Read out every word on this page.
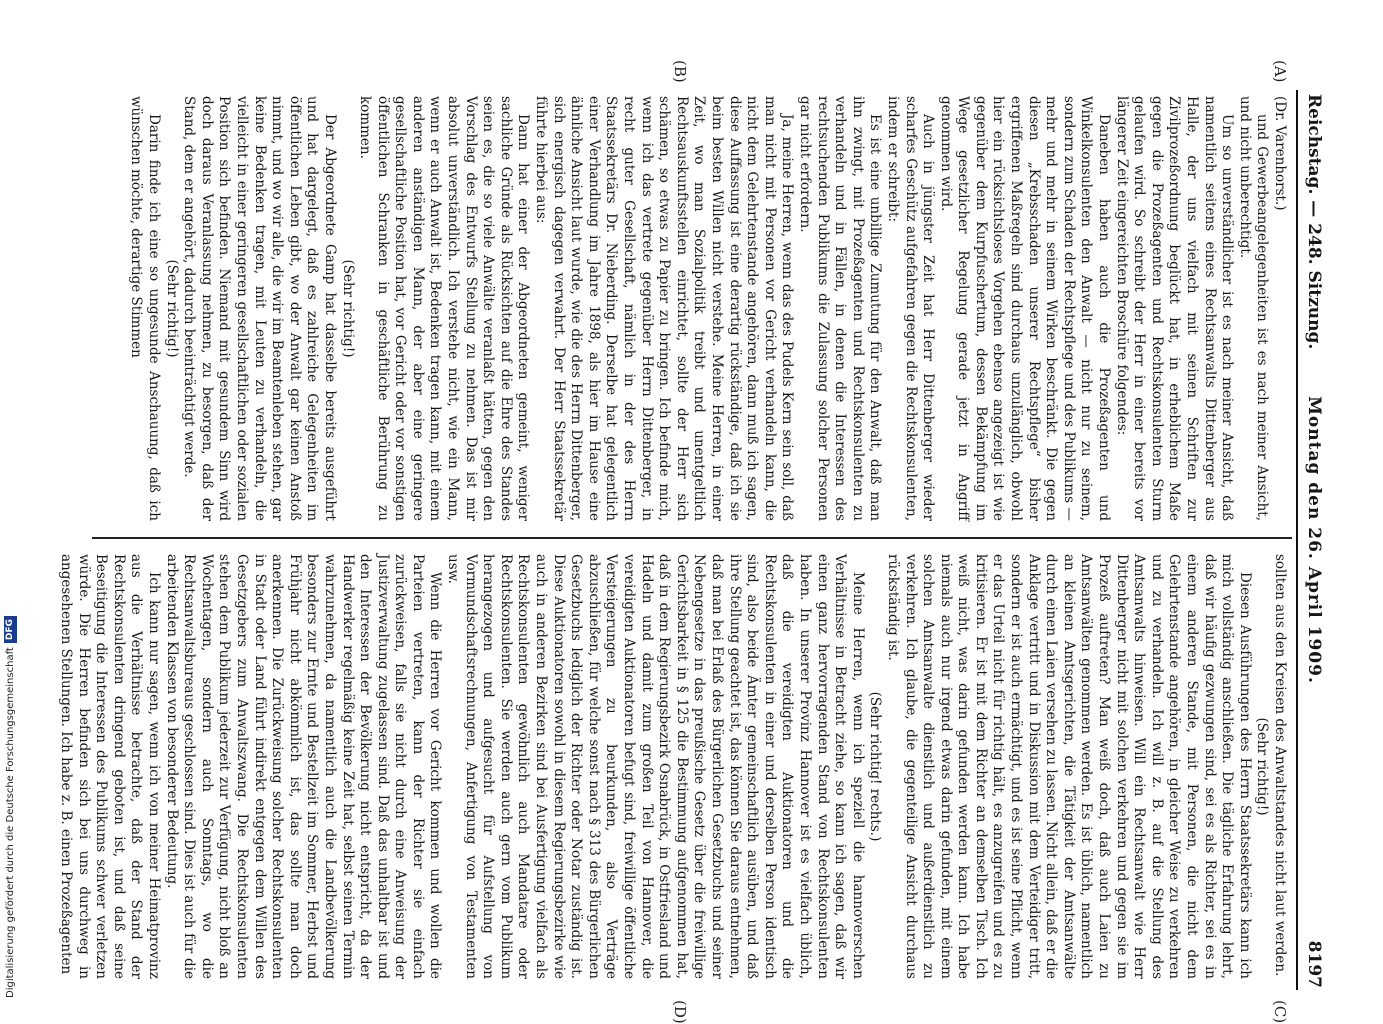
Reichstag. — 248. Sitzung.
Montag den 26. April 1909.
8197
(A)
(B)
(C)
(D)

(Dr. Varenhorst.)

und Gewerbeangelegenheiten ist es nach meiner Ansicht, und nicht unberechtigt.

Um so unverständlicher ist es nach meiner Ansicht, daß namentlich seitens eines Rechtsanwalts Dittenberger aus Halle, der uns vielfach mit seinen Schriften zur Zivilprozeßordnung beglückt hat, in erheblichem Maße gegen die Prozeßagenten und Rechtskonsulenten Sturm gelaufen wird. So schreibt der Herr in einer bereits vor längerer Zeit eingereichten Broschüre folgendes:

Daneben haben auch die Prozeßagenten und Winkelkonsulenten den Anwalt — nicht nur zu seinem, sondern zum Schaden der Rechtspflege und des Publikums — mehr und mehr in seinem Wirken beschränkt. Die gegen diesen „Krebsschaden unserer Rechtspflege“ bisher ergriffenen Maßregeln sind durchaus unzulänglich, obwohl hier ein rücksichtsloses Vorgehen ebenso angezeigt ist wie gegenüber dem Kurpfuschertum, dessen Bekämpfung im Wege gesetzlicher Regelung gerade jetzt in Angriff genommen wird.

Auch in jüngster Zeit hat Herr Dittenberger wieder scharfes Geschütz aufgefahren gegen die Rechtskonsulenten, indem er schreibt:

Es ist eine unbillige Zumutung für den Anwalt, daß man ihn zwingt, mit Prozeßagenten und Rechtskonsulenten zu verhandeln und in Fällen, in denen die Interessen des rechtsuchenden Publikums die Zulassung solcher Personen gar nicht erfordern.

Ja, meine Herren, wenn das des Pudels Kern sein soll, daß man nicht mit Personen vor Gericht verhandeln kann, die nicht dem Gelehrtenstande angehören, dann muß ich sagen, diese Auffassung ist eine derartig rückständige, daß ich sie beim besten Willen nicht verstehe. Meine Herren, in einer Zeit, wo man Sozialpolitik treibt und unentgeltlich Rechtsauskunftsstellen einrichtet, sollte der Herr sich schämen, so etwas zu Papier zu bringen. Ich befinde mich, wenn ich das vertrete gegenüber Herrn Dittenberger, in recht guter Gesellschaft, nämlich in der des Herrn Staatssekretärs Dr. Nieberding. Derselbe hat gelegentlich einer Verhandlung im Jahre 1898, als hier im Hause eine ähnliche Ansicht laut wurde, wie die des Herrn Dittenberger, sich energisch dagegen verwahrt. Der Herr Staatssekretär führte hierbei aus:

Dann hat einer der Abgeordneten gemeint, weniger sachliche Gründe als Rücksichten auf die Ehre des Standes seien es, die so viele Anwälte veranlaßt hätten, gegen den Vorschlag des Entwurfs Stellung zu nehmen. Das ist mir absolut unverständlich. Ich verstehe nicht, wie ein Mann, wenn er auch Anwalt ist, Bedenken tragen kann, mit einem anderen anständigen Mann, der aber eine geringere gesellschaftliche Position hat, vor Gericht oder vor sonstigen öffentlichen Schranken in geschäftliche Berührung zu kommen.

(Sehr richtig!)

Der Abgeordnete Gamp hat dasselbe bereits ausgeführt und hat dargelegt, daß es zahlreiche Gelegenheiten im öffentlichen Leben gibt, wo der Anwalt gar keinen Anstoß nimmt, und wo wir alle, die wir im Beamtenleben stehen, gar keine Bedenken tragen, mit Leuten zu verhandeln, die vielleicht in einer geringeren gesellschaftlichen oder sozialen Position sich befinden. Niemand mit gesundem Sinn wird doch daraus Veranlassung nehmen, zu besorgen, daß der Stand, dem er angehört, dadurch beeinträchtigt werde.

(Sehr richtig!)

Darin finde ich eine so ungesunde Anschauung, daß ich wünschen möchte, derartige Stimmen

sollten aus den Kreisen des Anwaltstandes nicht laut werden.

(Sehr richtig!)

Diesen Ausführungen des Herrn Staatssekretärs kann ich mich vollständig anschließen. Die tägliche Erfahrung lehrt, daß wir häufig gezwungen sind, sei es als Richter, sei es in einem anderen Stande, mit Personen, die nicht dem Gelehrtenstande angehören, in gleicher Weise zu verkehren und zu verhandeln. Ich will z. B. auf die Stellung des Amtsanwalts hinweisen. Will ein Rechtsanwalt wie Herr Dittenberger nicht mit solchen verkehren und gegen sie im Prozeß auftreten? Man weiß doch, daß auch Laien zu Amtsanwälten genommen werden. Es ist üblich, namentlich an kleinen Amtsgerichten, die Tätigkeit der Amtsanwälte durch einen Laien versehen zu lassen. Nicht allein, daß er die Anklage vertritt und in Diskussion mit dem Verteidiger tritt, sondern er ist auch ermächtigt, und es ist seine Pflicht, wenn er das Urteil nicht für richtig hält, es anzugreifen und es zu kritisieren. Er ist mit dem Richter an demselben Tisch. Ich weiß nicht, was darin gefunden werden kann. Ich habe niemals auch nur irgend etwas darin gefunden, mit einem solchen Amtsanwalte dienstlich und außerdienstlich zu verkehren. Ich glaube, die gegenteilige Ansicht durchaus rückständig ist.

(Sehr richtig! rechts.)

Meine Herren, wenn ich speziell die hannoverschen Verhältnisse in Betracht ziehe, so kann ich sagen, daß wir einen ganz hervorragenden Stand von Rechtskonsulenten haben. In unserer Provinz Hannover ist es vielfach üblich, daß die vereidigten Auktionatoren und die Rechtskonsulenten in einer und derselben Person identisch sind, also beide Ämter gemeinschaftlich ausüben, und daß ihre Stellung geachtet ist, das können Sie daraus entnehmen, daß man bei Erlaß des Bürgerlichen Gesetzbuchs und seiner Nebengesetze in das preußische Gesetz über die freiwillige Gerichtsbarkeit in § 125 die Bestimmung aufgenommen hat, daß in dem Regierungsbezirk Osnabrück, in Ostfriesland und Hadeln und damit zum großen Teil von Hannover, die vereidigten Auktionatoren befugt sind, freiwillige öffentliche Versteigerungen zu beurkunden, also Verträge abzuschließen, für welche sonst nach § 313 des Bürgerlichen Gesetzbuchs lediglich der Richter oder Notar zuständig ist. Diese Auktionatoren sowohl in diesem Regierungsbezirke wie auch in anderen Bezirken sind bei Ausfertigung vielfach als Rechtskonsulenten gewöhnlich auch Mandatare oder Rechtskonsulenten. Sie werden auch gern vom Publikum herangezogen und aufgesucht für Aufstellung von Vormundschaftsrechnungen, Anfertigung von Testamenten usw.

Wenn die Herren vor Gericht kommen und wollen die Parteien vertreten, kann der Richter sie einfach zurückweisen, falls sie nicht durch eine Anweisung der Justizverwaltung zugelassen sind. Daß das unhaltbar ist und den Interessen der Bevölkerung nicht entspricht, da der Handwerker regelmäßig keine Zeit hat, selbst seinen Termin wahrzunehmen, da namentlich auch die Landbevölkerung besonders zur Ernte und Bestellzeit im Sommer, Herbst und Frühjahr nicht abkömmlich ist, das sollte man doch anerkennen. Die Zurückweisung solcher Rechtskonsulenten in Stadt oder Land führt indirekt entgegen dem Willen des Gesetzgebers zum Anwaltszwang. Die Rechtskonsulenten stehen dem Publikum jederzeit zur Verfügung, nicht bloß an Wochentagen, sondern auch Sonntags, wo die Rechtsanwaltsbureaus geschlossen sind. Dies ist auch für die arbeitenden Klassen von besonderer Bedeutung.

Ich kann nur sagen, wenn ich von meiner Heimatprovinz aus die Verhältnisse betrachte, daß der Stand der Rechtskonsulenten dringend geboten ist, und daß seine Beseitigung die Interessen des Publikums schwer verletzen würde. Die Herren befinden sich bei uns durchweg in angesehenen Stellungen. Ich habe z. B. einen Prozeßagenten

Digitalisierung gefördert durch die Deutsche ForschungsgemeinschaftDFG
